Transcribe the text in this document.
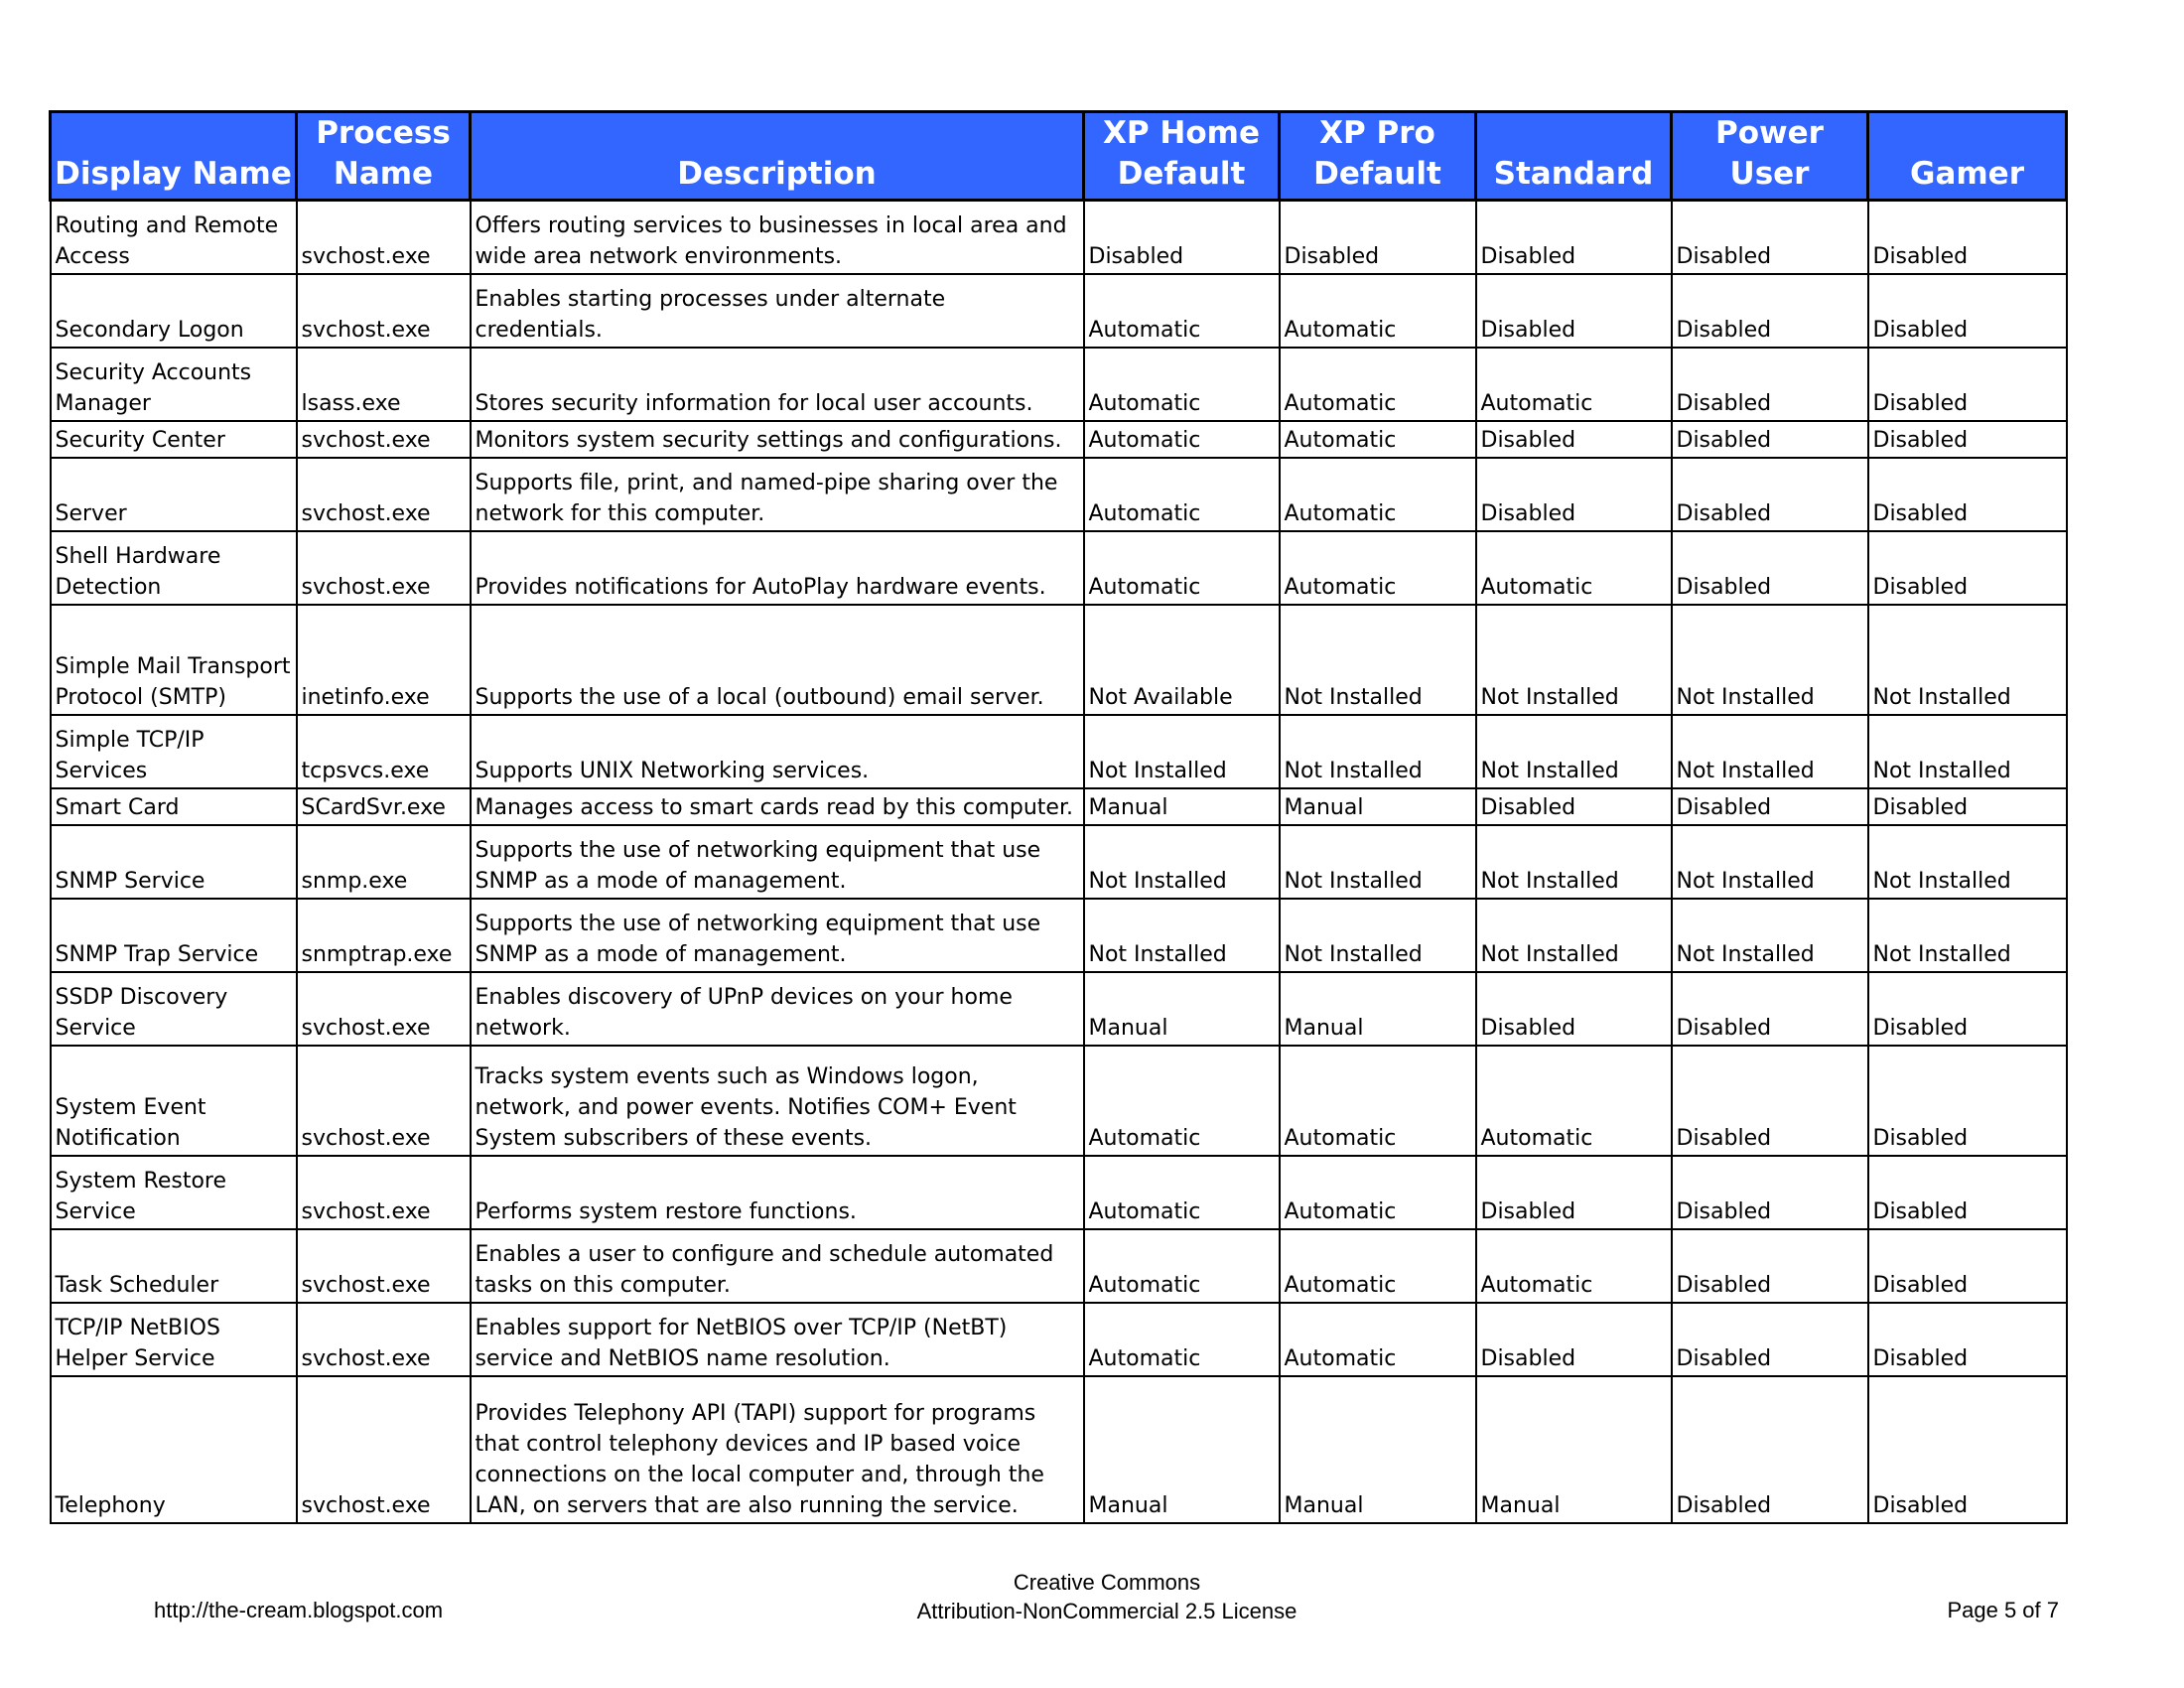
Display Name	Process Name	Description	XP Home Default	XP Pro Default	Standard	Power User	Gamer
Routing and Remote Access	svchost.exe	Offers routing services to businesses in local area and wide area network environments.	Disabled	Disabled	Disabled	Disabled	Disabled
Secondary Logon	svchost.exe	Enables starting processes under alternate credentials.	Automatic	Automatic	Disabled	Disabled	Disabled
Security Accounts Manager	lsass.exe	Stores security information for local user accounts.	Automatic	Automatic	Automatic	Disabled	Disabled
Security Center	svchost.exe	Monitors system security settings and configurations.	Automatic	Automatic	Disabled	Disabled	Disabled
Server	svchost.exe	Supports file, print, and named-pipe sharing over the network for this computer.	Automatic	Automatic	Disabled	Disabled	Disabled
Shell Hardware Detection	svchost.exe	Provides notifications for AutoPlay hardware events.	Automatic	Automatic	Automatic	Disabled	Disabled
Simple Mail Transport Protocol (SMTP)	inetinfo.exe	Supports the use of a local (outbound) email server.	Not Available	Not Installed	Not Installed	Not Installed	Not Installed
Simple TCP/IP Services	tcpsvcs.exe	Supports UNIX Networking services.	Not Installed	Not Installed	Not Installed	Not Installed	Not Installed
Smart Card	SCardSvr.exe	Manages access to smart cards read by this computer.	Manual	Manual	Disabled	Disabled	Disabled
SNMP Service	snmp.exe	Supports the use of networking equipment that use SNMP as a mode of management.	Not Installed	Not Installed	Not Installed	Not Installed	Not Installed
SNMP Trap Service	snmptrap.exe	Supports the use of networking equipment that use SNMP as a mode of management.	Not Installed	Not Installed	Not Installed	Not Installed	Not Installed
SSDP Discovery Service	svchost.exe	Enables discovery of UPnP devices on your home network.	Manual	Manual	Disabled	Disabled	Disabled
System Event Notification	svchost.exe	Tracks system events such as Windows logon, network, and power events. Notifies COM+ Event System subscribers of these events.	Automatic	Automatic	Automatic	Disabled	Disabled
System Restore Service	svchost.exe	Performs system restore functions.	Automatic	Automatic	Disabled	Disabled	Disabled
Task Scheduler	svchost.exe	Enables a user to configure and schedule automated tasks on this computer.	Automatic	Automatic	Automatic	Disabled	Disabled
TCP/IP NetBIOS Helper Service	svchost.exe	Enables support for NetBIOS over TCP/IP (NetBT) service and NetBIOS name resolution.	Automatic	Automatic	Disabled	Disabled	Disabled
Telephony	svchost.exe	Provides Telephony API (TAPI) support for programs that control telephony devices and IP based voice connections on the local computer and, through the LAN, on servers that are also running the service.	Manual	Manual	Manual	Disabled	Disabled
http://the-cream.blogspot.com
Creative Commons
Attribution-NonCommercial 2.5 License	Page 5 of 7
